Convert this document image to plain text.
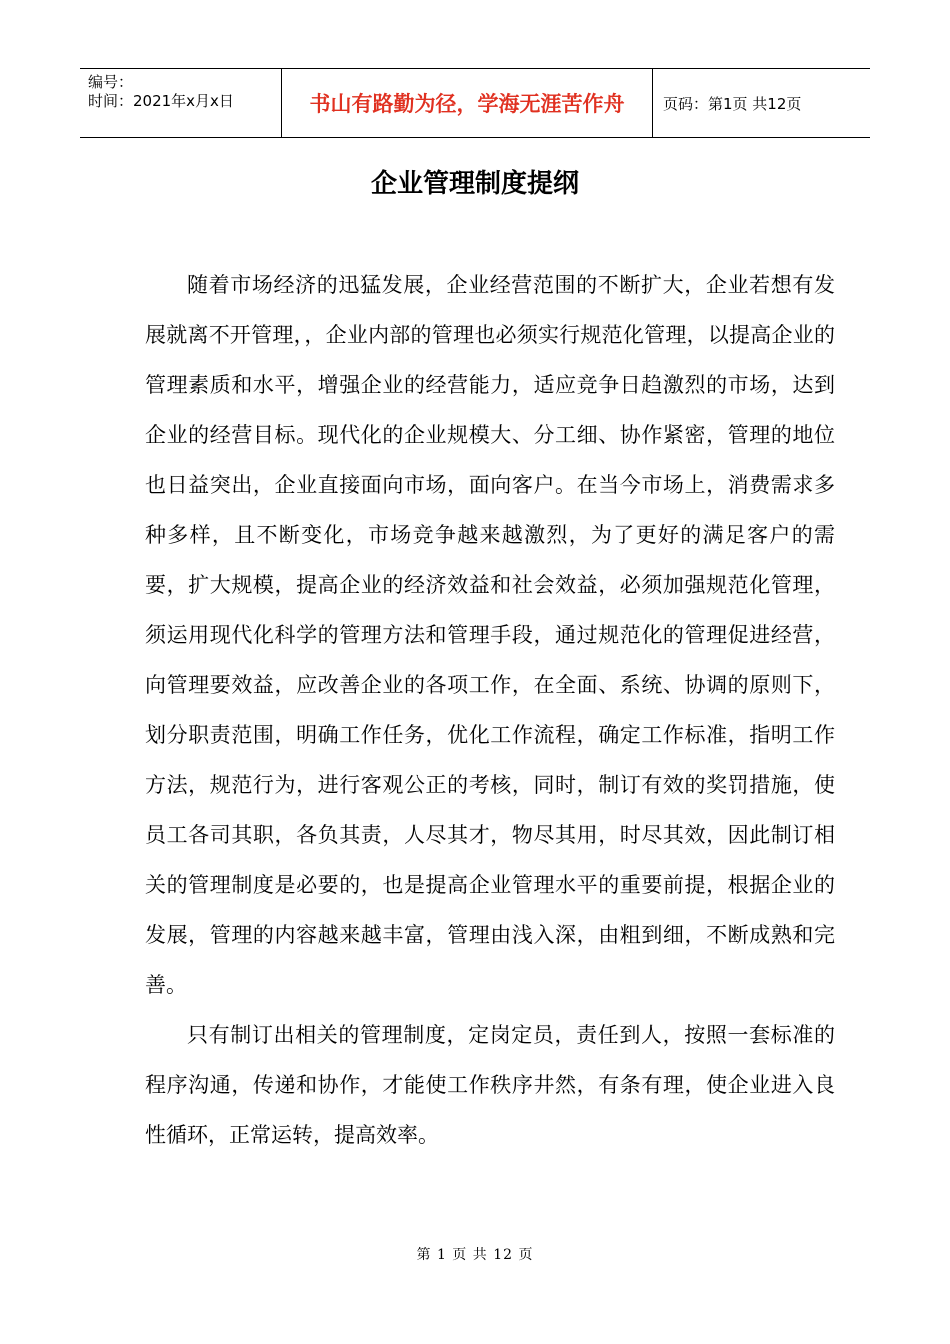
编号：
时间：2021年x月x日	书山有路勤为径，学海无涯苦作舟	页码：第1页 共12页
企业管理制度提纲

随着市场经济的迅猛发展，企业经营范围的不断扩大，企业若想有发展就离不开管理，，企业内部的管理也必须实行规范化管理，以提高企业的管理素质和水平，增强企业的经营能力，适应竞争日趋激烈的市场，达到企业的经营目标。现代化的企业规模大、分工细、协作紧密，管理的地位也日益突出，企业直接面向市场，面向客户。在当今市场上，消费需求多种多样，且不断变化，市场竞争越来越激烈，为了更好的满足客户的需要，扩大规模，提高企业的经济效益和社会效益，必须加强规范化管理，须运用现代化科学的管理方法和管理手段，通过规范化的管理促进经营，向管理要效益，应改善企业的各项工作，在全面、系统、协调的原则下，划分职责范围，明确工作任务，优化工作流程，确定工作标准，指明工作方法，规范行为，进行客观公正的考核，同时，制订有效的奖罚措施，使员工各司其职，各负其责，人尽其才，物尽其用，时尽其效，因此制订相关的管理制度是必要的，也是提高企业管理水平的重要前提，根据企业的发展，管理的内容越来越丰富，管理由浅入深，由粗到细，不断成熟和完善。

只有制订出相关的管理制度，定岗定员，责任到人，按照一套标准的程序沟通，传递和协作，才能使工作秩序井然，有条有理，使企业进入良性循环，正常运转，提高效率。

第 1 页 共 12 页
